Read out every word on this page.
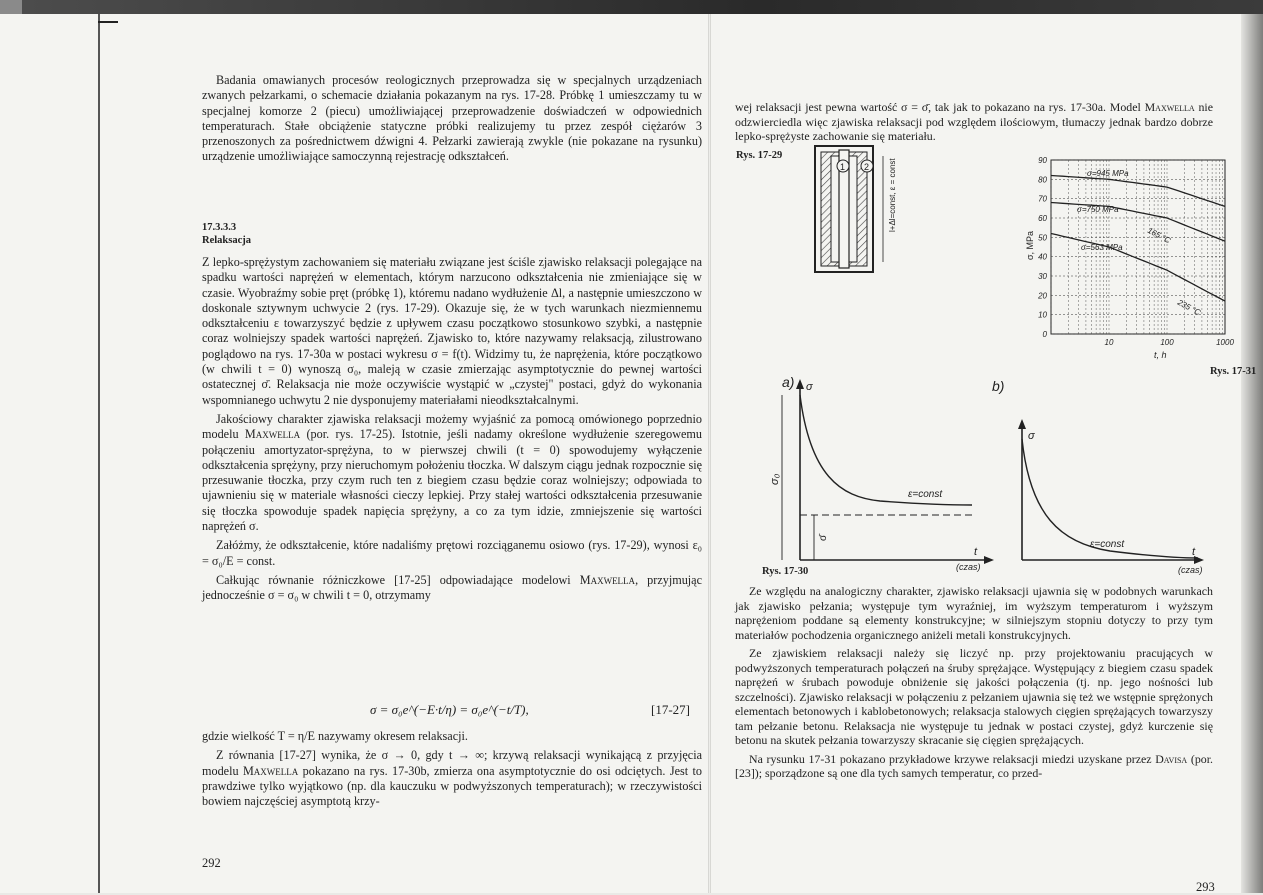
Badania omawianych procesów reologicznych przeprowadza się w specjalnych urządzeniach zwanych pełzarkami, o schemacie działania pokazanym na rys. 17-28. Próbkę 1 umieszczamy tu w specjalnej komorze 2 (piecu) umożliwiającej przeprowadzenie doświadczeń w odpowiednich temperaturach. Stałe obciążenie statyczne próbki realizujemy tu przez zespół ciężarów 3 przenoszonych za pośrednictwem dźwigni 4. Pełzarki zawierają zwykle (nie pokazane na rysunku) urządzenie umożliwiające samoczynną rejestrację odkształceń.

17.3.3.3
Relaksacja

Z lepko-sprężystym zachowaniem się materiału związane jest ściśle zjawisko relaksacji polegające na spadku wartości naprężeń w elementach, którym narzucono odkształcenia nie zmieniające się w czasie. Wyobraźmy sobie pręt (próbkę 1), któremu nadano wydłużenie Δl, a następnie umieszczono w doskonale sztywnym uchwycie 2 (rys. 17-29). Okazuje się, że w tych warunkach niezmiennemu odkształceniu ε towarzyszyć będzie z upływem czasu początkowo stosunkowo szybki, a następnie coraz wolniejszy spadek wartości naprężeń. Zjawisko to, które nazywamy relaksacją, zilustrowano poglądowo na rys. 17-30a w postaci wykresu σ = f(t). Widzimy tu, że naprężenia, które początkowo (w chwili t = 0) wynoszą σ₀, maleją w czasie zmierzając asymptotycznie do pewnej wartości ostatecznej σ̄. Relaksacja nie może oczywiście wystąpić w „czystej" postaci, gdyż do wykonania wspomnianego uchwytu 2 nie dysponujemy materiałami nieodkształcalnymi.

Jakościowy charakter zjawiska relaksacji możemy wyjaśnić za pomocą omówionego poprzednio modelu Maxwella (por. rys. 17-25). Istotnie, jeśli nadamy określone wydłużenie szeregowemu połączeniu amortyzator-sprężyna, to w pierwszej chwili (t = 0) spowodujemy wyłączenie odkształcenia sprężyny, przy nieruchomym położeniu tłoczka. W dalszym ciągu jednak rozpocznie się przesuwanie tłoczka, przy czym ruch ten z biegiem czasu będzie coraz wolniejszy; odpowiada to ujawnieniu się w materiale własności cieczy lepkiej. Przy stałej wartości odkształcenia przesuwanie się tłoczka spowoduje spadek napięcia sprężyny, a co za tym idzie, zmniejszenie się wartości naprężeń σ.

Załóżmy, że odkształcenie, które nadaliśmy prętowi rozciąganemu osiowo (rys. 17-29), wynosi ε₀ = σ₀/E = const.

Całkując równanie różniczkowe [17-25] odpowiadające modelowi Maxwella, przyjmując jednocześnie σ = σ₀ w chwili t = 0, otrzymamy

σ = σ₀e^(−E·t/η) = σ₀e^(−t/T),	[17-27]

gdzie wielkość T = η/E nazywamy okresem relaksacji.

Z równania [17-27] wynika, że σ → 0, gdy t → ∞; krzywą relaksacji wynikającą z przyjęcia modelu Maxwella pokazano na rys. 17-30b, zmierza ona asymptotycznie do osi odciętych. Jest to prawdziwe tylko wyjątkowo (np. dla kauczuku w podwyższonych temperaturach); w rzeczywistości bowiem najczęściej asymptotą krzy-

292

wej relaksacji jest pewna wartość σ = σ̄, tak jak to pokazano na rys. 17-30a. Model Maxwella nie odzwierciedla więc zjawiska relaksacji pod względem ilościowym, tłumaczy jednak bardzo dobrze lepko-sprężyste zachowanie się materiału.

Rys. 17-29
1 2 l+Δl=const, ε = const
0
10
20
30
40
50
60
70
80
90
10	100	1000
σ=945 MPa
σ=750 MPa
σ=563 MPa
165 °C
235 °C
σ, MPa
t, h
Rys. 17-31
a) σ
σ₀
σ̄
ε=const
t
(czas)
b)
σ
ε=const
t
(czas)
Rys. 17-30

Ze względu na analogiczny charakter, zjawisko relaksacji ujawnia się w podobnych warunkach jak zjawisko pełzania; występuje tym wyraźniej, im wyższym temperaturom i wyższym naprężeniom poddane są elementy konstrukcyjne; w silniejszym stopniu dotyczy to przy tym materiałów pochodzenia organicznego aniżeli metali konstrukcyjnych.

Ze zjawiskiem relaksacji należy się liczyć np. przy projektowaniu pracujących w podwyższonych temperaturach połączeń na śruby sprężające. Występujący z biegiem czasu spadek naprężeń w śrubach powoduje obniżenie się jakości połączenia (tj. np. jego nośności lub szczelności). Zjawisko relaksacji w połączeniu z pełzaniem ujawnia się też we wstępnie sprężonych elementach betonowych i kablobetonowych; relaksacja stalowych cięgien sprężających towarzyszy tam pełzanie betonu. Relaksacja nie występuje tu jednak w postaci czystej, gdyż kurczenie się betonu na skutek pełzania towarzyszy skracanie się cięgien sprężających.

Na rysunku 17-31 pokazano przykładowe krzywe relaksacji miedzi uzyskane przez Davisa (por. [23]); sporządzone są one dla tych samych temperatur, co przed-

293
